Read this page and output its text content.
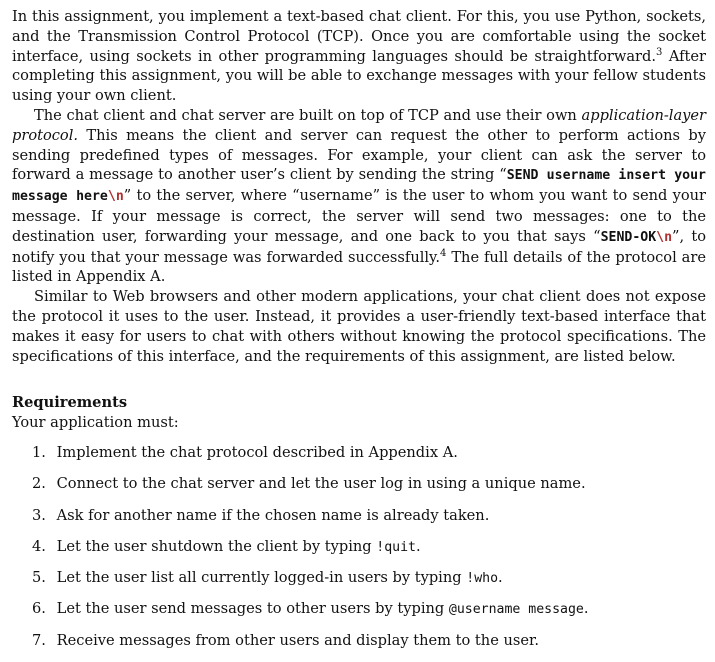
In this assignment, you implement a text-based chat client. For this, you use Python, sockets, and the Transmission Control Protocol (TCP). Once you are comfortable using the socket interface, using sockets in other programming languages should be straightforward.$^3$ After completing this assignment, you will be able to exchange messages with your fellow students using your own client.

The chat client and chat server are built on top of TCP and use their own application-layer protocol. This means the client and server can request the other to perform actions by sending predefined types of messages. For example, your client can ask the server to forward a message to another user’s client by sending the string “SEND username insert your message here\n” to the server, where “username” is the user to whom you want to send your message. If your message is correct, the server will send two messages: one to the destination user, forwarding your message, and one back to you that says “SEND-OK\n”, to notify you that your message was forwarded successfully.$^4$ The full details of the protocol are listed in Appendix A.

Similar to Web browsers and other modern applications, your chat client does not expose the protocol it uses to the user. Instead, it provides a user-friendly text-based interface that makes it easy for users to chat with others without knowing the protocol specifications. The specifications of this interface, and the requirements of this assignment, are listed below.

Requirements

Your application must:

1. Implement the chat protocol described in Appendix A.
2. Connect to the chat server and let the user log in using a unique name.
3. Ask for another name if the chosen name is already taken.
4. Let the user shutdown the client by typing !quit.
5. Let the user list all currently logged-in users by typing !who.
6. Let the user send messages to other users by typing @username message.
7. Receive messages from other users and display them to the user.
